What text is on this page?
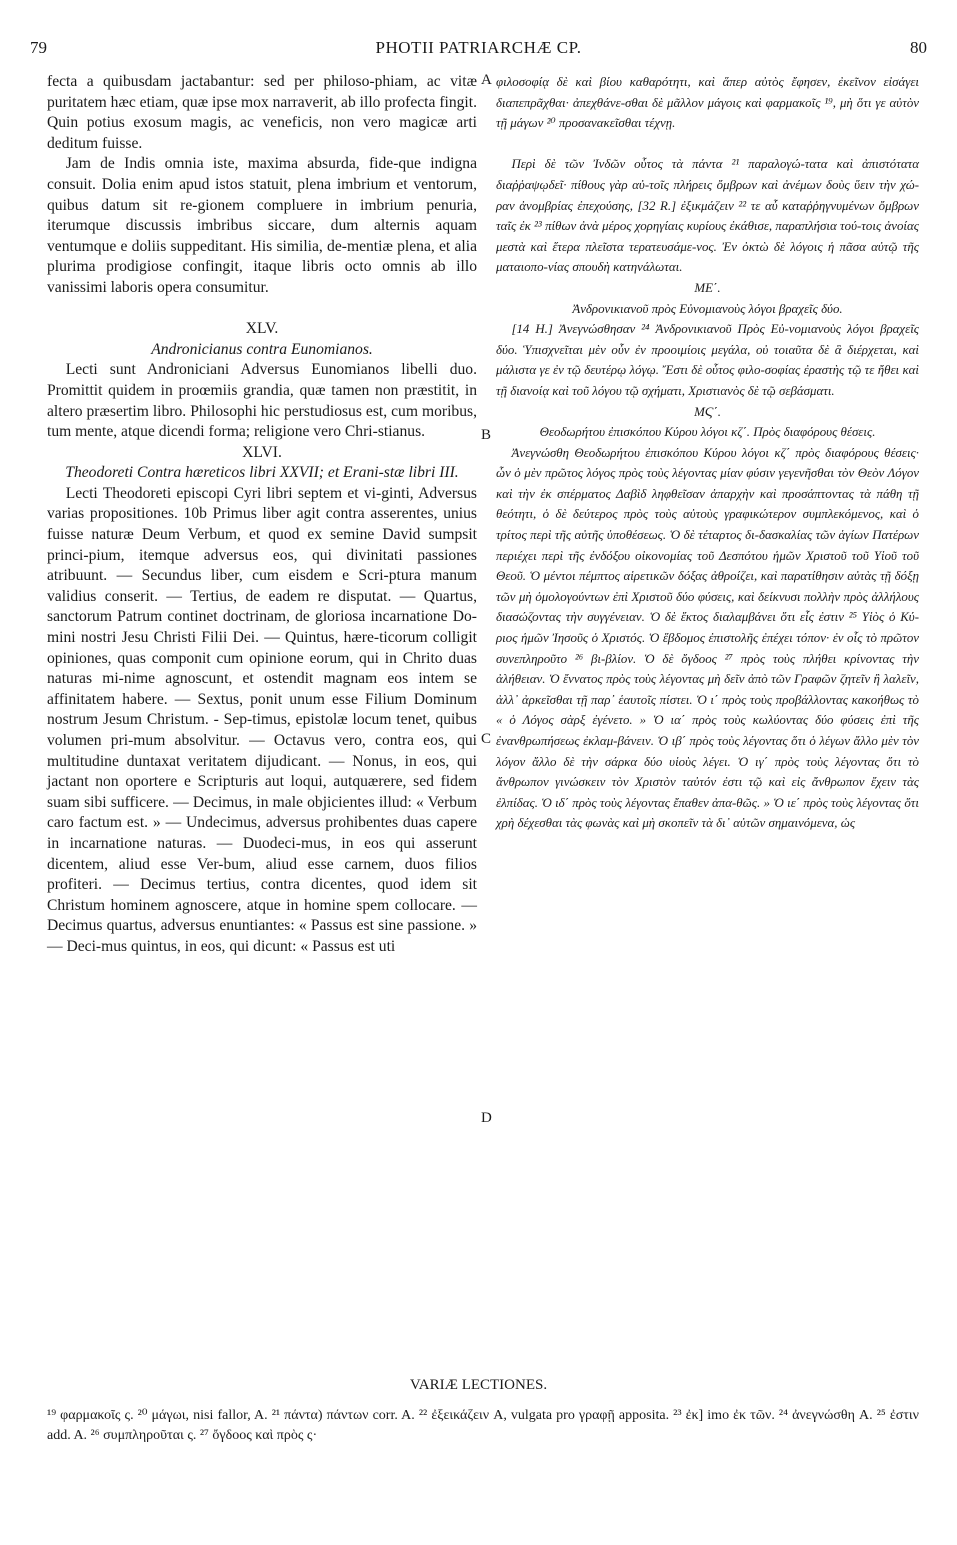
79	PHOTII PATRIARCHÆ CP.	80

fecta a quibusdam jactabantur: sed per philoso-phiam, ac vitæ puritatem hæc etiam, quæ ipse mox narraverit, ab illo profecta fingit. Quin potius exosum magis, ac veneficis, non vero magicæ arti deditum fuisse.

Jam de Indis omnia iste, maxima absurda, fide-que indigna consuit. Dolia enim apud istos statuit, plena imbrium et ventorum, quibus datum sit re-gionem compluere in imbrium penuria, iterumque discussis imbribus siccare, dum alternis aquam ventumque e doliis suppeditant. His similia, de-mentiæ plena, et alia plurima prodigiose confingit, itaque libris octo omnis ab illo vanissimi laboris opera consumitur.

XLV.

Andronicianus contra Eunomianos.

Lecti sunt Androniciani Adversus Eunomianos libelli duo. Promittit quidem in proœmiis grandia, quæ tamen non præstitit, in altero præsertim libro. Philosophi hic perstudiosus est, cum moribus, tum mente, atque dicendi forma; religione vero Chri-stianus.

XLVI.

Theodoreti Contra hæreticos libri XXVII; et Erani-stæ libri III.

Lecti Theodoreti episcopi Cyri libri septem et vi-ginti, Adversus varias propositiones. 10b Primus liber agit contra asserentes, unius fuisse naturæ Deum Verbum, et quod ex semine David sumpsit princi-pium, itemque adversus eos, qui divinitati passiones atribuunt. — Secundus liber, cum eisdem e Scri-ptura manum validius conserit. — Tertius, de eadem re disputat. — Quartus, sanctorum Patrum continet doctrinam, de gloriosa incarnatione Do-mini nostri Jesu Christi Filii Dei. — Quintus, hære-ticorum colligit opiniones, quas componit cum opinione eorum, qui in Chrito duas naturas mi-nime agnoscunt, et ostendit magnam eos intem se affinitatem habere. — Sextus, ponit unum esse Filium Dominum nostrum Jesum Christum. - Sep-timus, epistolæ locum tenet, quibus volumen pri-mum absolvitur. — Octavus vero, contra eos, qui multitudine duntaxat veritatem dijudicant. — Nonus, in eos, qui jactant non oportere e Scripturis aut loqui, autquærere, sed fidem suam sibi sufficere. — Decimus, in male objicientes illud: « Verbum caro factum est. » — Undecimus, adversus prohibentes duas capere in incarnatione naturas. — Duodeci-mus, in eos qui asserunt dicentem, aliud esse Ver-bum, aliud esse carnem, duos filios profiteri. — Decimus tertius, contra dicentes, quod idem sit Christum hominem agnoscere, atque in homine spem collocare. — Decimus quartus, adversus enuntiantes: « Passus est sine passione. » — Deci-mus quintus, in eos, qui dicunt: « Passus est uti

φιλοσοφίᾳ δὲ καὶ βίου καθαρότητι, καὶ ἅπερ αὐτὸς ἔφησεν, ἐκεῖνον εἰσάγει διαπεπρᾶχθαι· ἀπεχθάνε-σθαι δὲ μᾶλλον μάγοις καὶ φαρμακοῖς ¹⁹, μὴ ὅτι γε αὐτὸν τῇ μάγων ²⁰ προσανακεῖσθαι τέχνῃ.

Περὶ δὲ τῶν Ἰνδῶν οὗτος τὰ πάντα ²¹ παραλογώ-τατα καὶ ἀπιστότατα διαῤῥαψῳδεῖ· πίθους γὰρ αὐ-τοῖς πλήρεις ὄμβρων καὶ ἀνέμων δοὺς ὕειν τὴν χώ-ραν ἀνομβρίας ἐπεχούσης, [32 R.] ἐξικμάζειν ²² τε αὖ καταῤῥηγνυμένων ὄμβρων ταῖς ἐκ ²³ πίθων ἀνὰ μέρος χορηγίαις κυρίους ἐκάθισε, παραπλήσια τού-τοις ἀνοίας μεστὰ καὶ ἕτερα πλεῖστα τερατευσάμε-νος. Ἐν ὀκτὼ δὲ λόγοις ἡ πᾶσα αὐτῷ τῆς ματαιοπο-νίας σπουδὴ κατηνάλωται.

ΜΕ΄.

Ἀνδρονικιανοῦ πρὸς Εὐνομιανοὺς λόγοι βραχεῖς δύο.

[14 H.] Ἀνεγνώσθησαν ²⁴ Ἀνδρονικιανοῦ Πρὸς Εὐ-νομιανοὺς λόγοι βραχεῖς δύο. Ὑπισχνεῖται μὲν οὖν ἐν προοιμίοις μεγάλα, οὐ τοιαῦτα δὲ ἃ διέρχεται, καὶ μάλιστα γε ἐν τῷ δευτέρῳ λόγῳ. Ἔστι δὲ οὗτος φιλο-σοφίας ἐραστὴς τῷ τε ἤθει καὶ τῇ διανοίᾳ καὶ τοῦ λόγου τῷ σχήματι, Χριστιανὸς δὲ τῷ σεβάσματι.

ΜϚ΄.

Θεοδωρήτου ἐπισκόπου Κύρου λόγοι κζ΄. Πρὸς διαφόρους θέσεις.

Ἀνεγνώσθη Θεοδωρήτου ἐπισκόπου Κύρου λόγοι κζ΄ πρὸς διαφόρους θέσεις· ὧν ὁ μὲν πρῶτος λόγος πρὸς τοὺς λέγοντας μίαν φύσιν γεγενῆσθαι τὸν Θεὸν Λόγον καὶ τὴν ἐκ σπέρματος Δαβὶδ ληφθεῖσαν ἀπαρχὴν καὶ προσάπτοντας τὰ πάθη τῇ θεότητι, ὁ δὲ δεύτερος πρὸς τοὺς αὐτοὺς γραφικώτερον συμπλεκόμενος, καὶ ὁ τρίτος περὶ τῆς αὐτῆς ὑποθέσεως. Ὁ δὲ τέταρτος δι-δασκαλίας τῶν ἁγίων Πατέρων περιέχει περὶ τῆς ἐνδόξου οἰκονομίας τοῦ Δεσπότου ἡμῶν Χριστοῦ τοῦ Υἱοῦ τοῦ Θεοῦ. Ὁ μέντοι πέμπτος αἱρετικῶν δόξας ἀθροίζει, καὶ παρατίθησιν αὐτὰς τῇ δόξῃ τῶν μὴ ὁμολογούντων ἐπὶ Χριστοῦ δύο φύσεις, καὶ δείκνυσι πολλὴν πρὸς ἀλλήλους διασώζοντας τὴν συγγένειαν. Ὁ δὲ ἕκτος διαλαμβάνει ὅτι εἷς ἐστιν ²⁵ Υἱὸς ὁ Κύ-ριος ἡμῶν Ἰησοῦς ὁ Χριστός. Ὁ ἕβδομος ἐπιστολῆς ἐπέχει τόπον· ἐν οἷς τὸ πρῶτον συνεπληροῦτο ²⁶ βι-βλίον. Ὁ δὲ ὄγδοος ²⁷ πρὸς τοὺς πλήθει κρίνοντας τὴν ἀλήθειαν. Ὁ ἔννατος πρὸς τοὺς λέγοντας μὴ δεῖν ἀπὸ τῶν Γραφῶν ζητεῖν ἢ λαλεῖν, ἀλλ᾽ ἀρκεῖσθαι τῇ παρ᾽ ἑαυτοῖς πίστει. Ὁ ι΄ πρὸς τοὺς προβάλλοντας κακοήθως τὸ « ὁ Λόγος σὰρξ ἐγένετο. » Ὁ ια΄ πρὸς τοὺς κωλύοντας δύο φύσεις ἐπὶ τῆς ἐνανθρωπήσεως ἐκλαμ-βάνειν. Ὁ ιβ΄ πρὸς τοὺς λέγοντας ὅτι ὁ λέγων ἄλλο μὲν τὸν λόγον ἄλλο δὲ τὴν σάρκα δύο υἱοὺς λέγει. Ὁ ιγ΄ πρὸς τοὺς λέγοντας ὅτι τὸ ἄνθρωπον γινώσκειν τὸν Χριστὸν ταὐτόν ἐστι τῷ καὶ εἰς ἄνθρωπον ἔχειν τὰς ἐλπίδας. Ὁ ιδ΄ πρὸς τοὺς λέγοντας ἔπαθεν ἀπα-θῶς. » Ὁ ιε΄ πρὸς τοὺς λέγοντας ὅτι χρὴ δέχεσθαι τὰς φωνὰς καὶ μὴ σκοπεῖν τὰ δι᾽ αὐτῶν σημαινόμενα, ὡς

A
B
C
D
VARIÆ LECTIONES.
¹⁹ φαρμακοῖς ς. ²⁰ μάγωι, nisi fallor, A. ²¹ πάντα) πάντων corr. A. ²² ἐξεικάζειν A, vulgata pro γραφῇ apposita. ²³ ἐκ] imo ἐκ τῶν. ²⁴ ἀνεγνώσθη A. ²⁵ ἐστιν add. A. ²⁶ συμπληροῦται ς. ²⁷ ὄγδοος καὶ πρὸς ς·
